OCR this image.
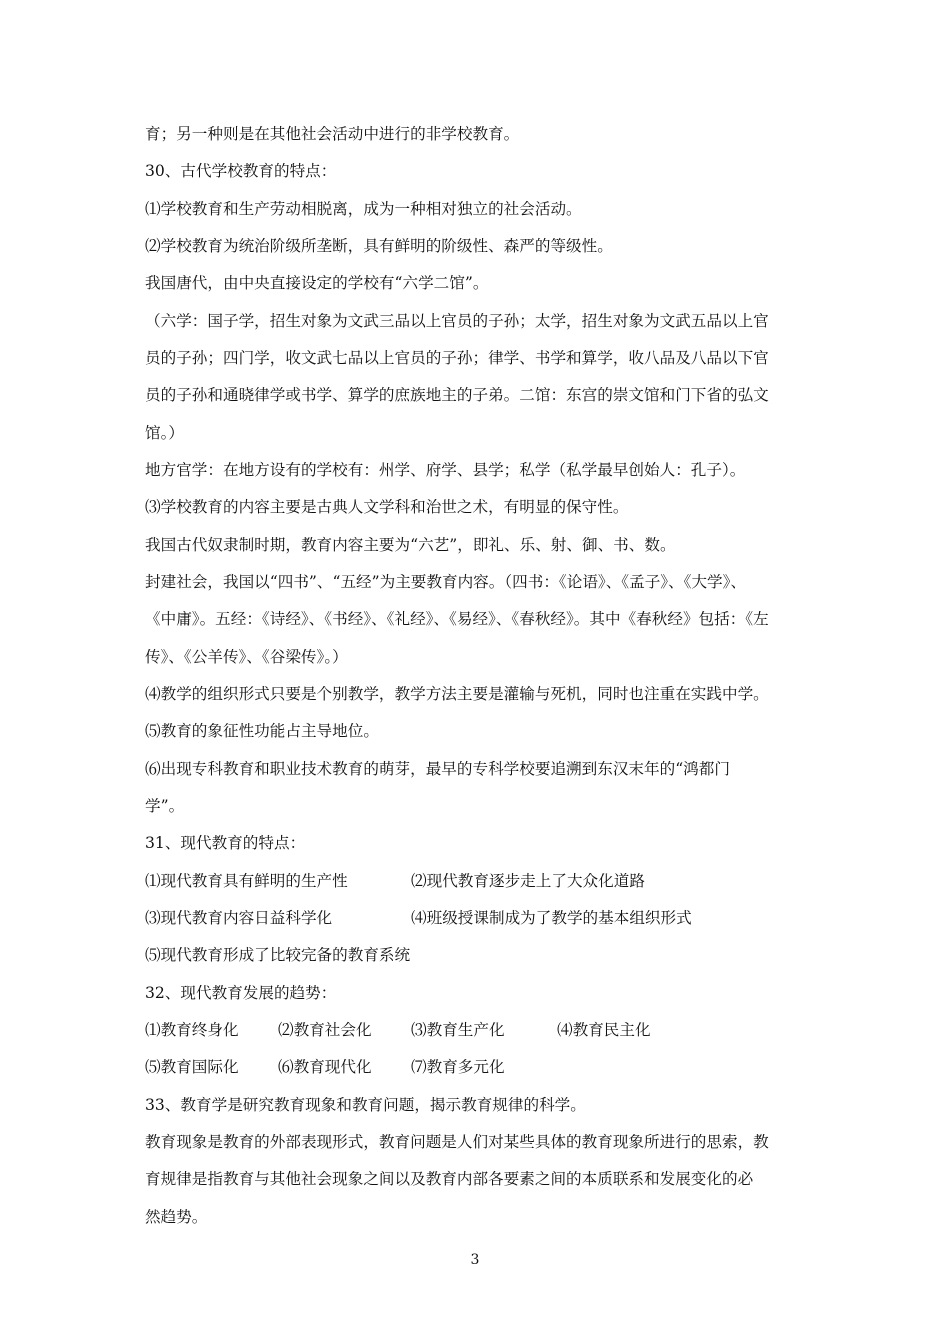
育；另一种则是在其他社会活动中进行的非学校教育。
30、古代学校教育的特点：
⑴学校教育和生产劳动相脱离，成为一种相对独立的社会活动。
⑵学校教育为统治阶级所垄断，具有鲜明的阶级性、森严的等级性。
我国唐代，由中央直接设定的学校有“六学二馆”。
（六学：国子学，招生对象为文武三品以上官员的子孙；太学，招生对象为文武五品以上官
员的子孙；四门学，收文武七品以上官员的子孙；律学、书学和算学，收八品及八品以下官
员的子孙和通晓律学或书学、算学的庶族地主的子弟。二馆：东宫的崇文馆和门下省的弘文
馆。）
地方官学：在地方设有的学校有：州学、府学、县学；私学（私学最早创始人：孔子）。
⑶学校教育的内容主要是古典人文学科和治世之术，有明显的保守性。
我国古代奴隶制时期，教育内容主要为“六艺”，即礼、乐、射、御、书、数。
封建社会，我国以“四书”、“五经”为主要教育内容。（四书：《论语》、《孟子》、《大学》、
《中庸》。五经：《诗经》、《书经》、《礼经》、《易经》、《春秋经》。其中《春秋经》包括：《左
传》、《公羊传》、《谷梁传》。）
⑷教学的组织形式只要是个别教学，教学方法主要是灌输与死机，同时也注重在实践中学。
⑸教育的象征性功能占主导地位。
⑹出现专科教育和职业技术教育的萌芽，最早的专科学校要追溯到东汉末年的“鸿都门
学”。
31、现代教育的特点：
⑴现代教育具有鲜明的生产性	⑵现代教育逐步走上了大众化道路
⑶现代教育内容日益科学化	⑷班级授课制成为了教学的基本组织形式
⑸现代教育形成了比较完备的教育系统
32、现代教育发展的趋势：
⑴教育终身化	⑵教育社会化	⑶教育生产化	⑷教育民主化
⑸教育国际化	⑹教育现代化	⑺教育多元化
33、教育学是研究教育现象和教育问题，揭示教育规律的科学。
教育现象是教育的外部表现形式，教育问题是人们对某些具体的教育现象所进行的思索，教
育规律是指教育与其他社会现象之间以及教育内部各要素之间的本质联系和发展变化的必
然趋势。
3
